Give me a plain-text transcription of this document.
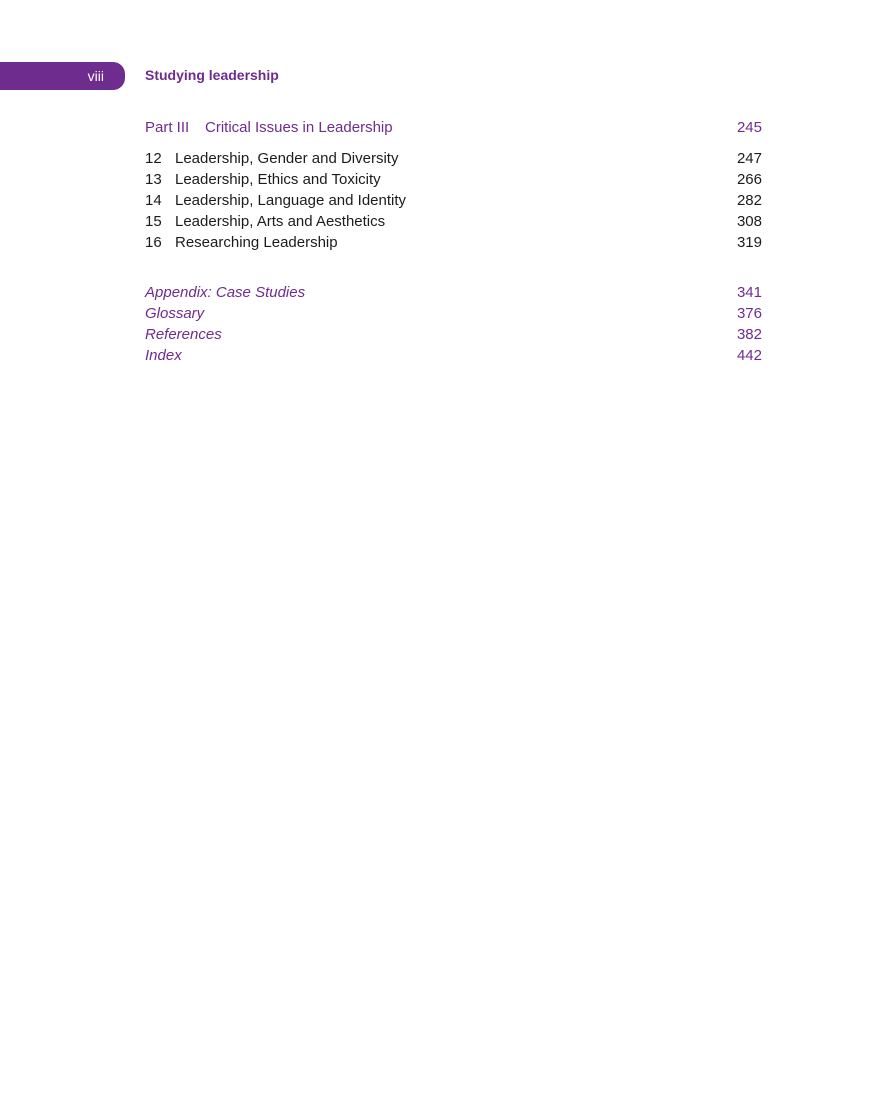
viii	Studying leadership
Part III Critical Issues in Leadership	245
12 Leadership, Gender and Diversity	247
13 Leadership, Ethics and Toxicity	266
14 Leadership, Language and Identity	282
15 Leadership, Arts and Aesthetics	308
16 Researching Leadership	319
Appendix: Case Studies	341
Glossary	376
References	382
Index	442
